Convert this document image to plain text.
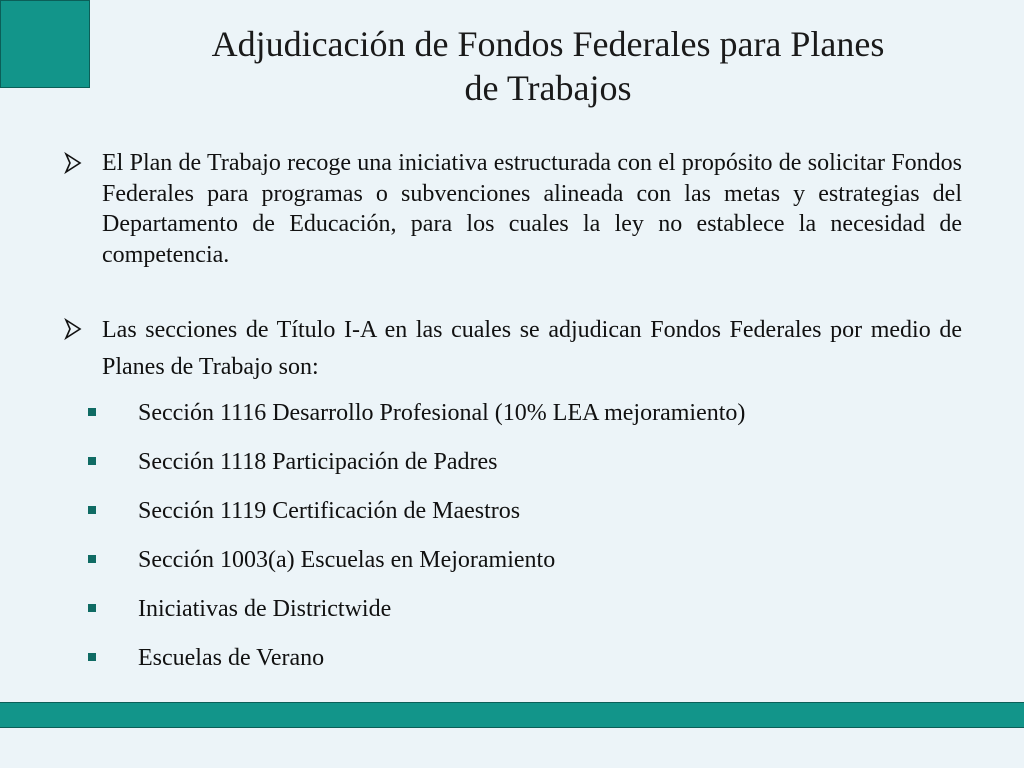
Adjudicación de Fondos Federales para Planes
de Trabajos
El Plan de Trabajo recoge una iniciativa estructurada con el propósito de solicitar Fondos Federales para programas o subvenciones alineada con las metas y estrategias del Departamento de Educación, para los cuales la ley no establece la necesidad de competencia.
Las secciones de Título I-A en las cuales se adjudican Fondos Federales por medio de Planes de Trabajo son:
Sección 1116 Desarrollo Profesional (10% LEA mejoramiento)
Sección 1118 Participación de Padres
Sección 1119 Certificación de Maestros
Sección 1003(a) Escuelas en Mejoramiento
Iniciativas de Districtwide
Escuelas de Verano
